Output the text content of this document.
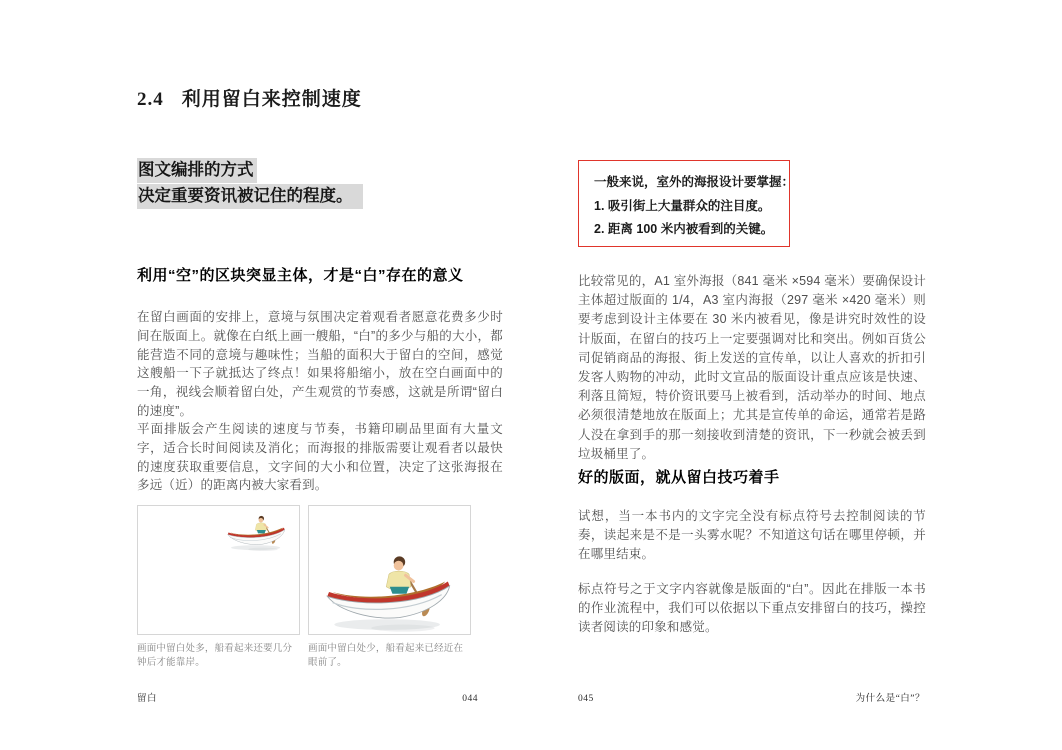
2.4 利用留白来控制速度
图文编排的方式
决定重要资讯被记住的程度。
利用“空”的区块突显主体，才是“白”存在的意义
在留白画面的安排上，意境与氛围决定着观看者愿意花费多少时间在版面上。就像在白纸上画一艘船，“白”的多少与船的大小，都能营造不同的意境与趣味性；当船的面积大于留白的空间，感觉这艘船一下子就抵达了终点！如果将船缩小，放在空白画面中的一角，视线会顺着留白处，产生观赏的节奏感，这就是所谓“留白的速度”。
平面排版会产生阅读的速度与节奏，书籍印刷品里面有大量文字，适合长时间阅读及消化；而海报的排版需要让观看者以最快的速度获取重要信息，文字间的大小和位置，决定了这张海报在多远（近）的距离内被大家看到。
画面中留白处多，船看起来还要几分钟后才能靠岸。
画面中留白处少，船看起来已经近在眼前了。
留白	044
一般来说，室外的海报设计要掌握：
1. 吸引街上大量群众的注目度。
2. 距离 100 米内被看到的关键。
比较常见的，A1 室外海报（841 毫米 ×594 毫米）要确保设计主体超过版面的 1/4，A3 室内海报（297 毫米 ×420 毫米）则要考虑到设计主体要在 30 米内被看见，像是讲究时效性的设计版面，在留白的技巧上一定要强调对比和突出。例如百货公司促销商品的海报、街上发送的宣传单，以让人喜欢的折扣引发客人购物的冲动，此时文宣品的版面设计重点应该是快速、利落且简短，特价资讯要马上被看到，活动举办的时间、地点必须很清楚地放在版面上；尤其是宣传单的命运，通常若是路人没在拿到手的那一刻接收到清楚的资讯，下一秒就会被丢到垃圾桶里了。
好的版面，就从留白技巧着手
试想，当一本书内的文字完全没有标点符号去控制阅读的节奏，读起来是不是一头雾水呢？不知道这句话在哪里停顿，并在哪里结束。
标点符号之于文字内容就像是版面的“白”。因此在排版一本书的作业流程中，我们可以依据以下重点安排留白的技巧，操控读者阅读的印象和感觉。
045	为什么是“白”？
